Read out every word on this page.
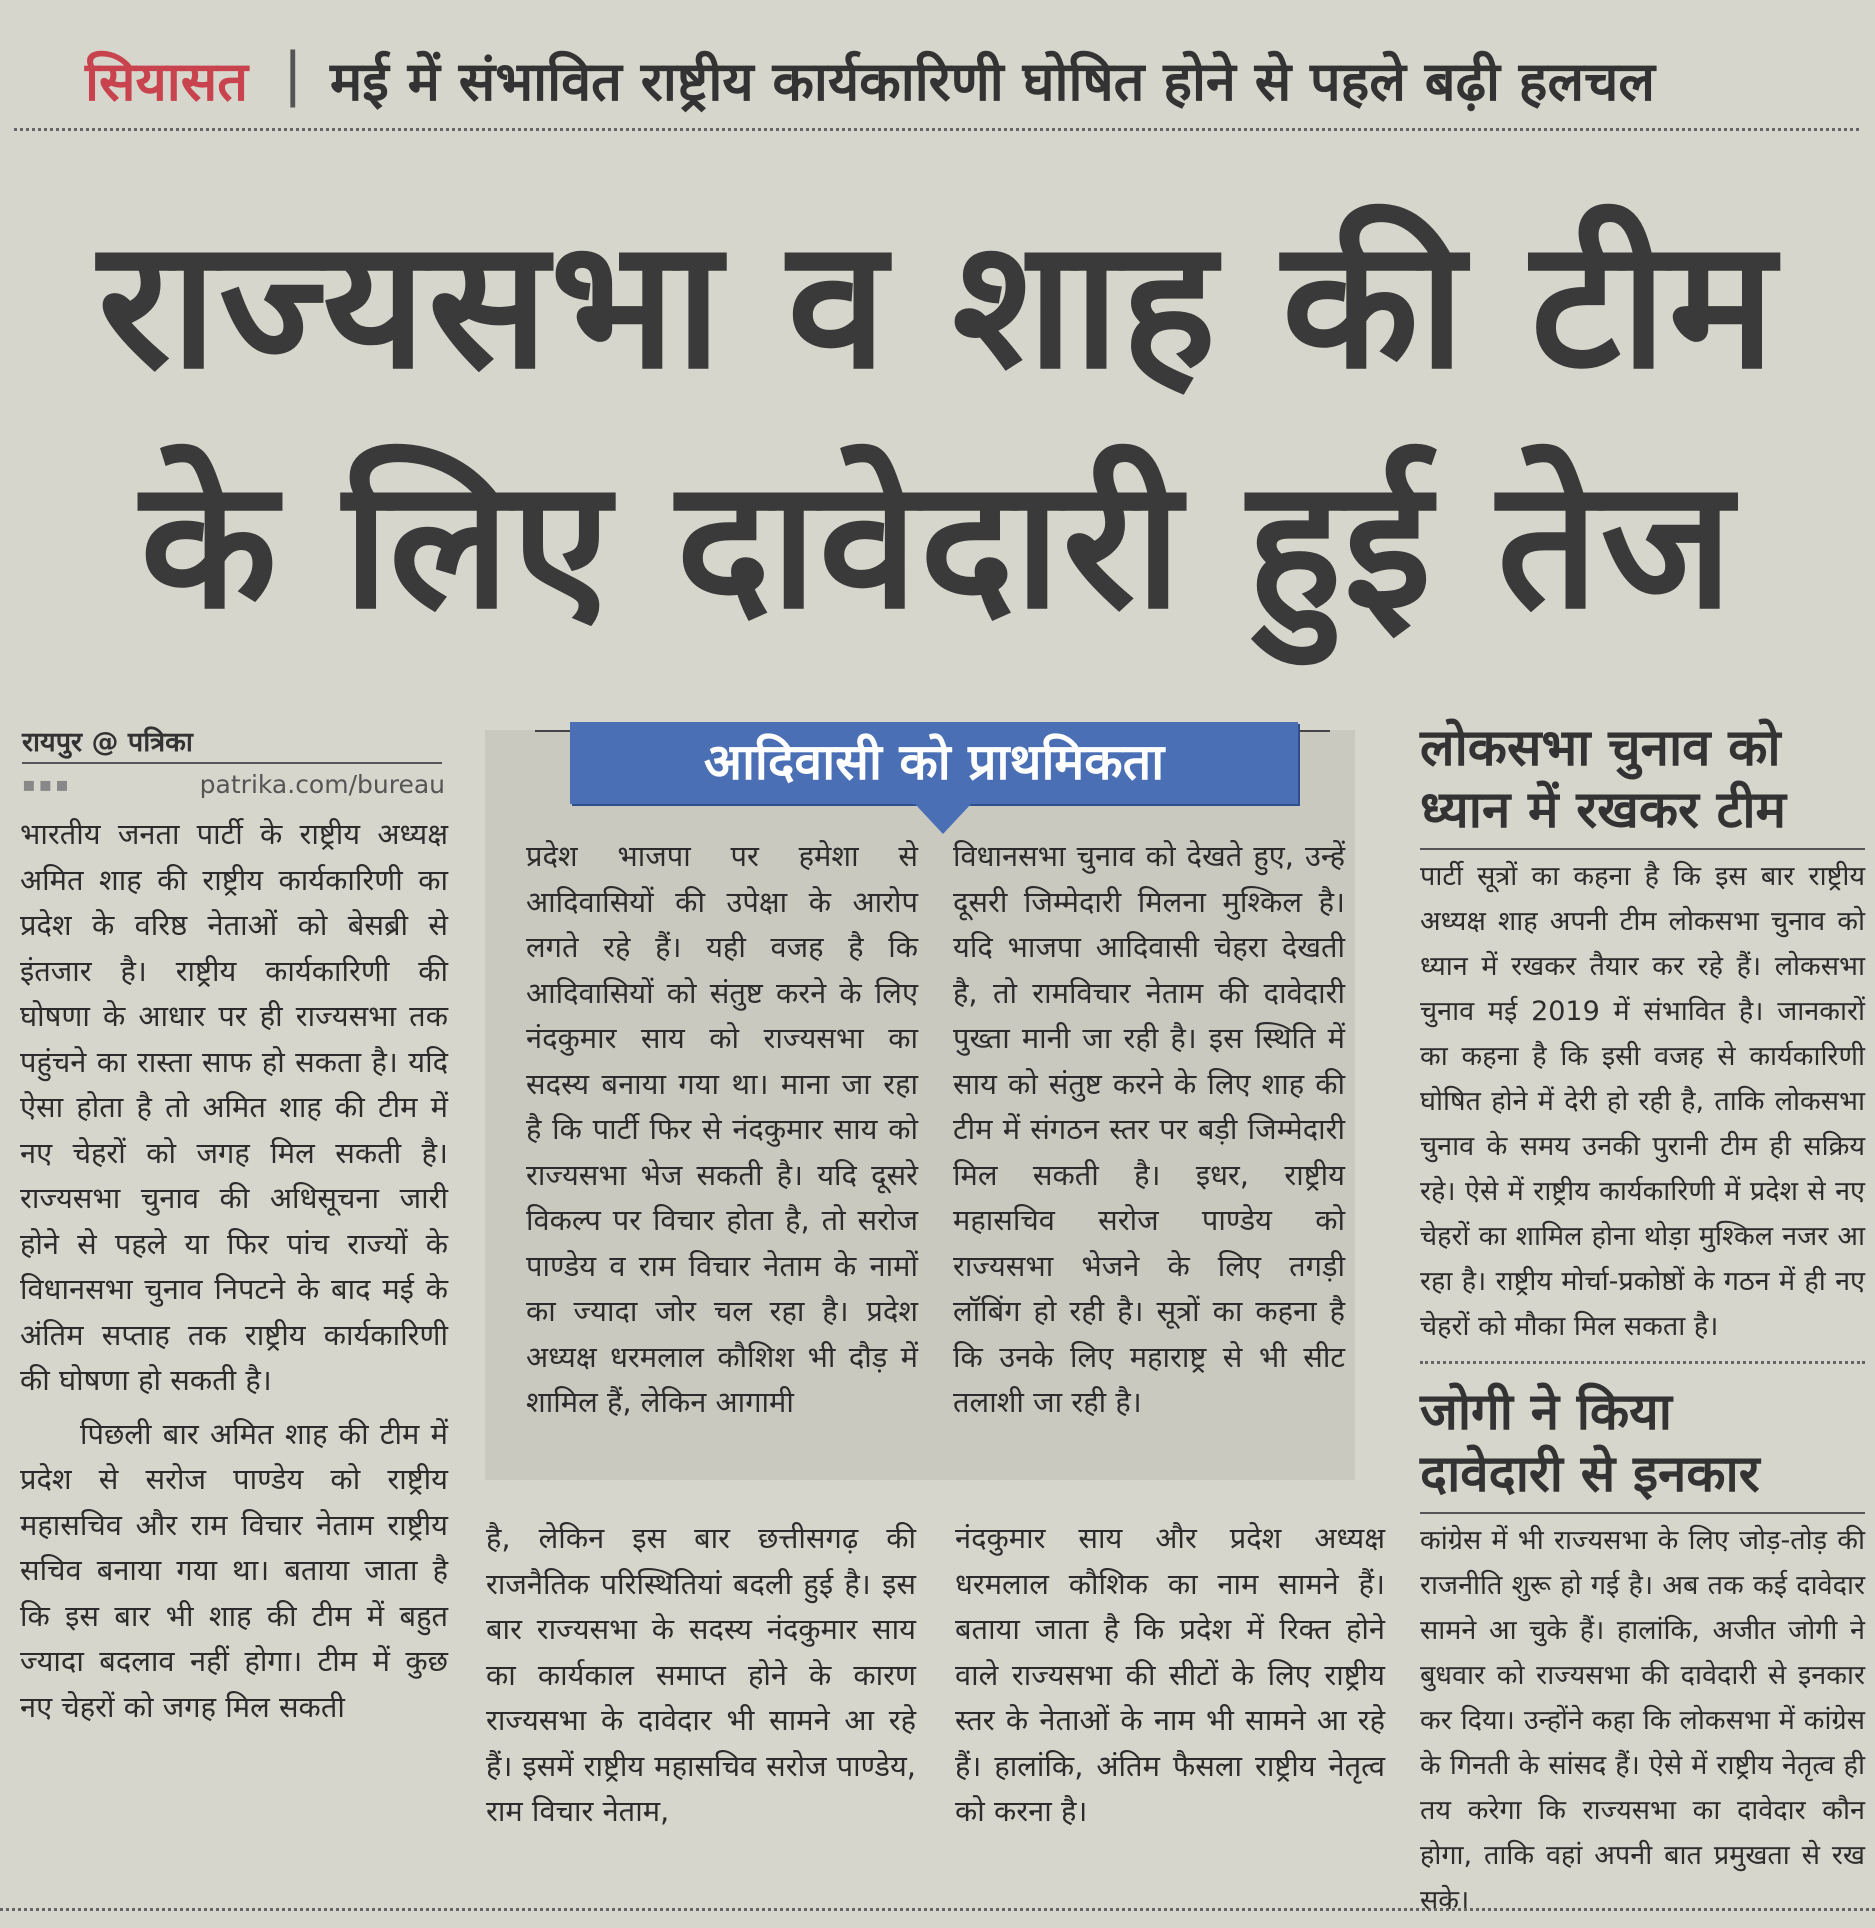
सियासत | मई में संभावित राष्ट्रीय कार्यकारिणी घोषित होने से पहले बढ़ी हलचल
राज्यसभा व शाह की टीम
के लिए दावेदारी हुई तेज
रायपुर @ पत्रिका
▪▪▪	patrika.com/bureau

भारतीय जनता पार्टी के राष्ट्रीय अध्यक्ष अमित शाह की राष्ट्रीय कार्यकारिणी का प्रदेश के वरिष्ठ नेताओं को बेसब्री से इंतजार है। राष्ट्रीय कार्यकारिणी की घोषणा के आधार पर ही राज्यसभा तक पहुंचने का रास्ता साफ हो सकता है। यदि ऐसा होता है तो अमित शाह की टीम में नए चेहरों को जगह मिल सकती है। राज्यसभा चुनाव की अधिसूचना जारी होने से पहले या फिर पांच राज्यों के विधानसभा चुनाव निपटने के बाद मई के अंतिम सप्ताह तक राष्ट्रीय कार्यकारिणी की घोषणा हो सकती है।

पिछली बार अमित शाह की टीम में प्रदेश से सरोज पाण्डेय को राष्ट्रीय महासचिव और राम विचार नेताम राष्ट्रीय सचिव बनाया गया था। बताया जाता है कि इस बार भी शाह की टीम में बहुत ज्यादा बदलाव नहीं होगा। टीम में कुछ नए चेहरों को जगह मिल सकती

आदिवासी को प्राथमिकता

प्रदेश भाजपा पर हमेशा से आदिवासियों की उपेक्षा के आरोप लगते रहे हैं। यही वजह है कि आदिवासियों को संतुष्ट करने के लिए नंदकुमार साय को राज्यसभा का सदस्य बनाया गया था। माना जा रहा है कि पार्टी फिर से नंदकुमार साय को राज्यसभा भेज सकती है। यदि दूसरे विकल्प पर विचार होता है, तो सरोज पाण्डेय व राम विचार नेताम के नामों का ज्यादा जोर चल रहा है। प्रदेश अध्यक्ष धरमलाल कौशिश भी दौड़ में शामिल हैं, लेकिन आगामी

विधानसभा चुनाव को देखते हुए, उन्हें दूसरी जिम्मेदारी मिलना मुश्किल है। यदि भाजपा आदिवासी चेहरा देखती है, तो रामविचार नेताम की दावेदारी पुख्ता मानी जा रही है। इस स्थिति में साय को संतुष्ट करने के लिए शाह की टीम में संगठन स्तर पर बड़ी जिम्मेदारी मिल सकती है। इधर, राष्ट्रीय महासचिव सरोज पाण्डेय को राज्यसभा भेजने के लिए तगड़ी लॉबिंग हो रही है। सूत्रों का कहना है कि उनके लिए महाराष्ट्र से भी सीट तलाशी जा रही है।

है, लेकिन इस बार छत्तीसगढ़ की राजनैतिक परिस्थितियां बदली हुई है। इस बार राज्यसभा के सदस्य नंदकुमार साय का कार्यकाल समाप्त होने के कारण राज्यसभा के दावेदार भी सामने आ रहे हैं। इसमें राष्ट्रीय महासचिव सरोज पाण्डेय, राम विचार नेताम,

नंदकुमार साय और प्रदेश अध्यक्ष धरमलाल कौशिक का नाम सामने हैं। बताया जाता है कि प्रदेश में रिक्त होने वाले राज्यसभा की सीटों के लिए राष्ट्रीय स्तर के नेताओं के नाम भी सामने आ रहे हैं। हालांकि, अंतिम फैसला राष्ट्रीय नेतृत्व को करना है।

लोकसभा चुनाव को
ध्यान में रखकर टीम

पार्टी सूत्रों का कहना है कि इस बार राष्ट्रीय अध्यक्ष शाह अपनी टीम लोकसभा चुनाव को ध्यान में रखकर तैयार कर रहे हैं। लोकसभा चुनाव मई 2019 में संभावित है। जानकारों का कहना है कि इसी वजह से कार्यकारिणी घोषित होने में देरी हो रही है, ताकि लोकसभा चुनाव के समय उनकी पुरानी टीम ही सक्रिय रहे। ऐसे में राष्ट्रीय कार्यकारिणी में प्रदेश से नए चेहरों का शामिल होना थोड़ा मुश्किल नजर आ रहा है। राष्ट्रीय मोर्चा-प्रकोष्ठों के गठन में ही नए चेहरों को मौका मिल सकता है।

जोगी ने किया
दावेदारी से इनकार

कांग्रेस में भी राज्यसभा के लिए जोड़-तोड़ की राजनीति शुरू हो गई है। अब तक कई दावेदार सामने आ चुके हैं। हालांकि, अजीत जोगी ने बुधवार को राज्यसभा की दावेदारी से इनकार कर दिया। उन्होंने कहा कि लोकसभा में कांग्रेस के गिनती के सांसद हैं। ऐसे में राष्ट्रीय नेतृत्व ही तय करेगा कि राज्यसभा का दावेदार कौन होगा, ताकि वहां अपनी बात प्रमुखता से रख सके।
